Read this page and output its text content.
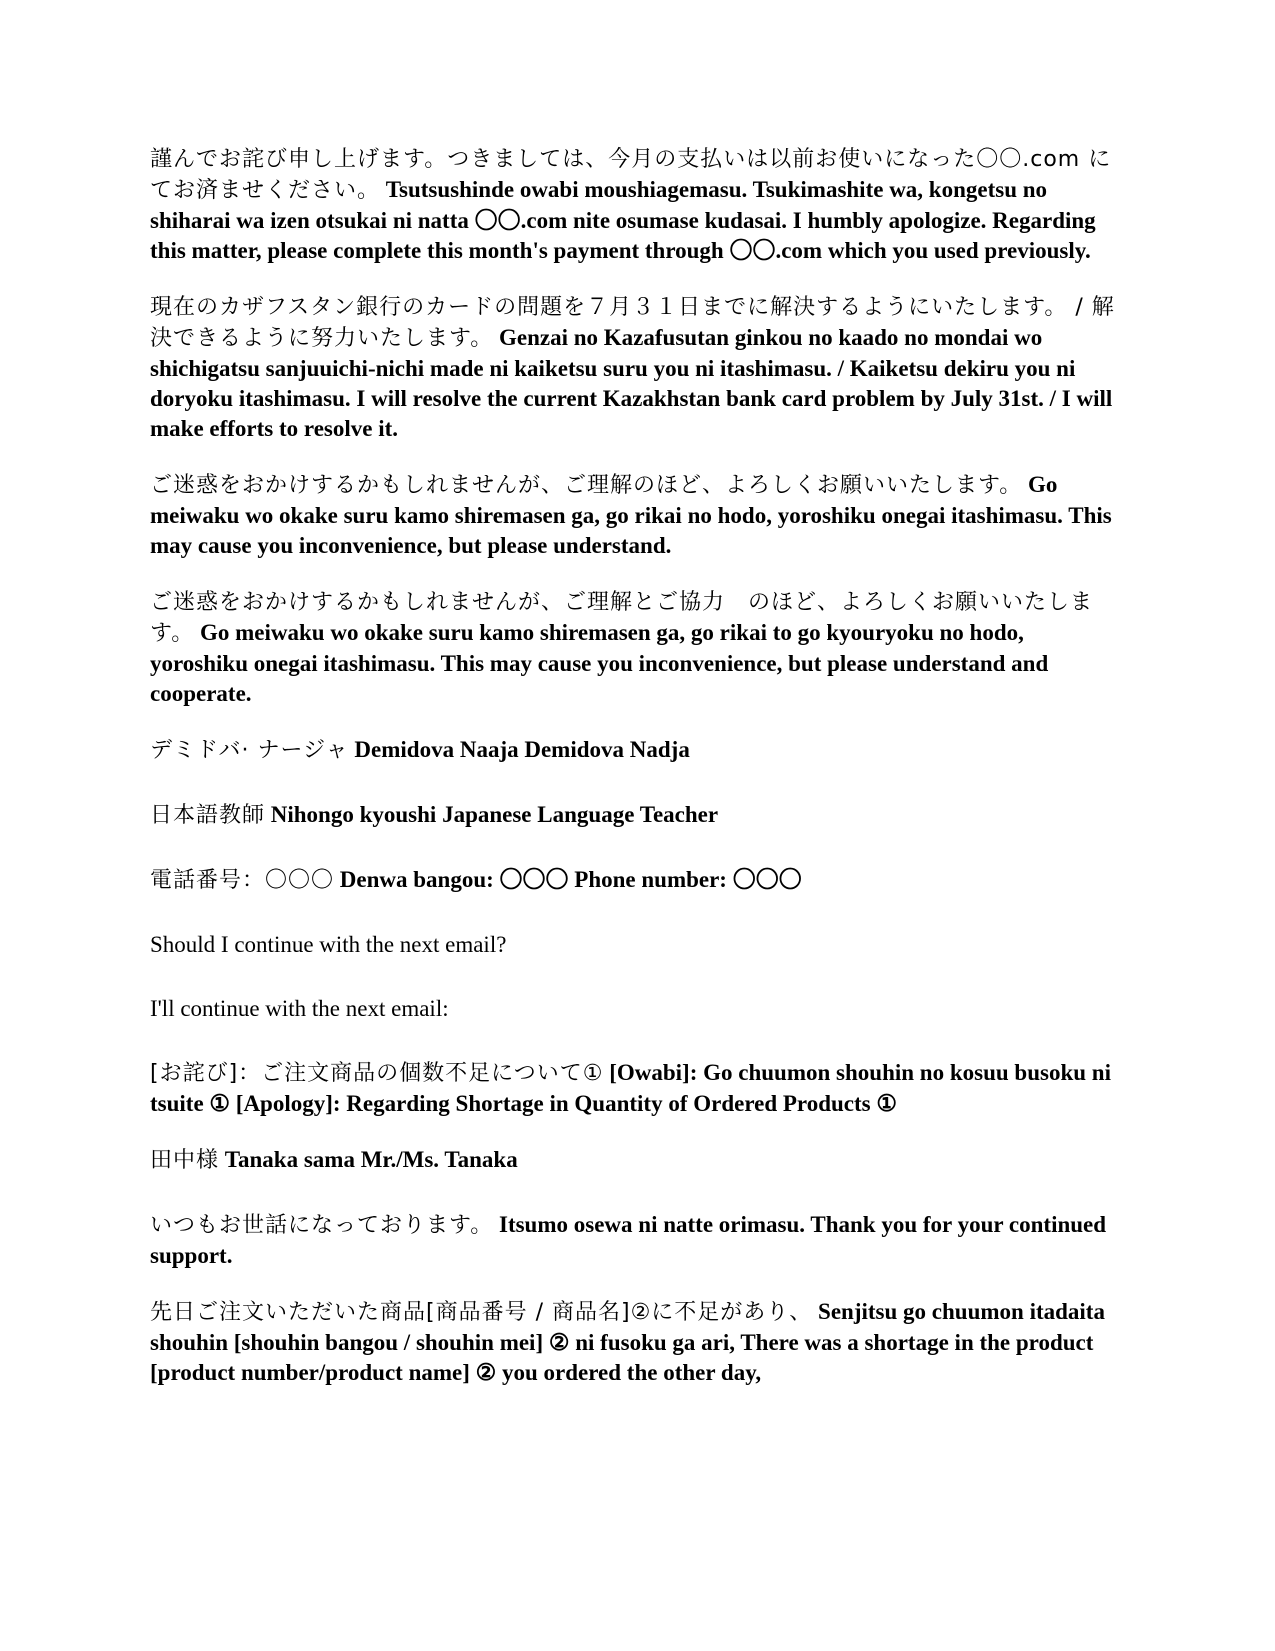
謹んでお詫び申し上げます。つきましては、今月の支払いは以前お使いになった〇〇.com にてお済ませください。 Tsutsushinde owabi moushiagemasu. Tsukimashite wa, kongetsu no shiharai wa izen otsukai ni natta 〇〇.com nite osumase kudasai. I humbly apologize. Regarding this matter, please complete this month's payment through 〇〇.com which you used previously.

現在のカザフスタン銀行のカードの問題を７月３１日までに解決するようにいたします。 / 解決できるように努力いたします。 Genzai no Kazafusutan ginkou no kaado no mondai wo shichigatsu sanjuuichi-nichi made ni kaiketsu suru you ni itashimasu. / Kaiketsu dekiru you ni doryoku itashimasu. I will resolve the current Kazakhstan bank card problem by July 31st. / I will make efforts to resolve it.

ご迷惑をおかけするかもしれませんが、ご理解のほど、よろしくお願いいたします。 Go meiwaku wo okake suru kamo shiremasen ga, go rikai no hodo, yoroshiku onegai itashimasu. This may cause you inconvenience, but please understand.

ご迷惑をおかけするかもしれませんが、ご理解とご協力　のほど、よろしくお願いいたします。 Go meiwaku wo okake suru kamo shiremasen ga, go rikai to go kyouryoku no hodo, yoroshiku onegai itashimasu. This may cause you inconvenience, but please understand and cooperate.

デミドバ· ナージャ Demidova Naaja Demidova Nadja

日本語教師 Nihongo kyoushi Japanese Language Teacher

電話番号：〇〇〇 Denwa bangou: 〇〇〇 Phone number: 〇〇〇

Should I continue with the next email?

I'll continue with the next email:

[お詫び]：ご注文商品の個数不足について① [Owabi]: Go chuumon shouhin no kosuu busoku ni tsuite ① [Apology]: Regarding Shortage in Quantity of Ordered Products ①

田中様 Tanaka sama Mr./Ms. Tanaka

いつもお世話になっております。 Itsumo osewa ni natte orimasu. Thank you for your continued support.

先日ご注文いただいた商品[商品番号 / 商品名]②に不足があり、 Senjitsu go chuumon itadaita shouhin [shouhin bangou / shouhin mei] ② ni fusoku ga ari, There was a shortage in the product [product number/product name] ② you ordered the other day,
